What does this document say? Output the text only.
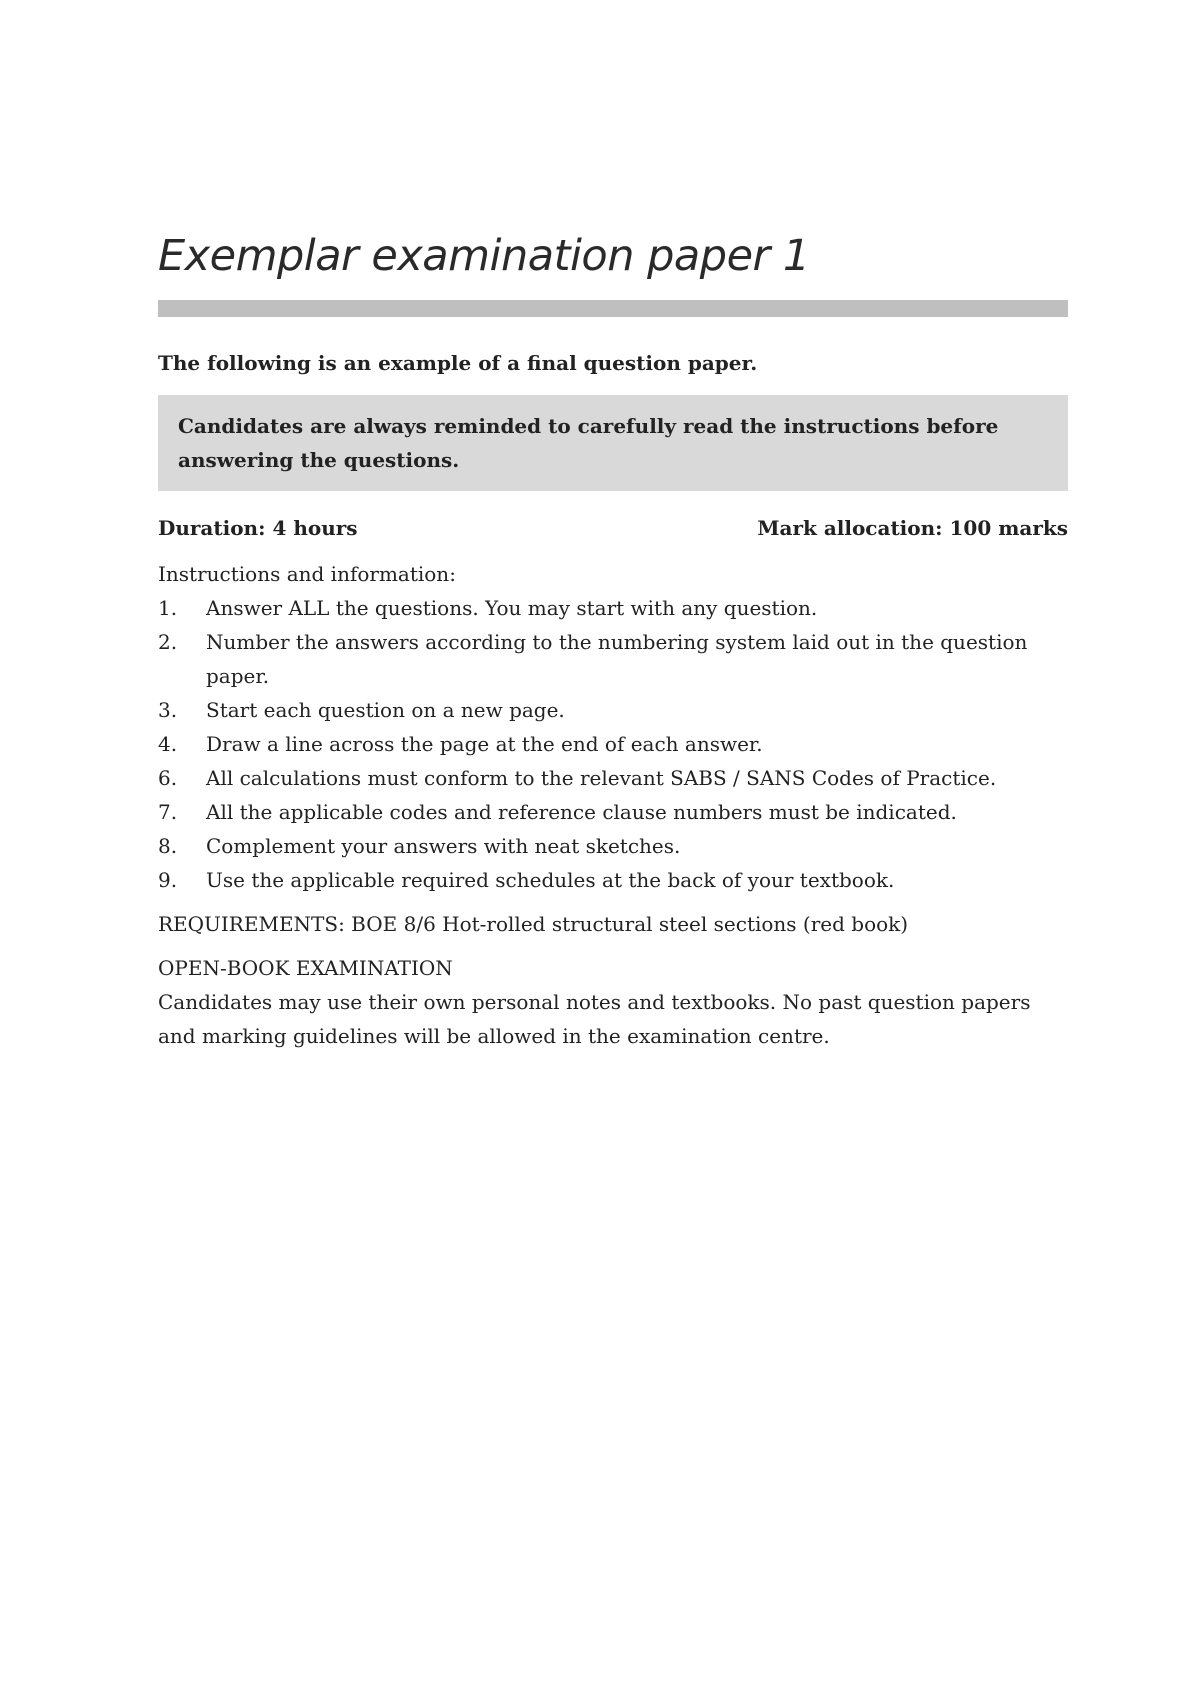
Exemplar examination paper 1
The following is an example of a final question paper.
Candidates are always reminded to carefully read the instructions before answering the questions.
Duration: 4 hours	Mark allocation: 100 marks
Instructions and information:
1.	Answer ALL the questions. You may start with any question.
2.	Number the answers according to the numbering system laid out in the question paper.
3.	Start each question on a new page.
4.	Draw a line across the page at the end of each answer.
6.	All calculations must conform to the relevant SABS / SANS Codes of Practice.
7.	All the applicable codes and reference clause numbers must be indicated.
8.	Complement your answers with neat sketches.
9.	Use the applicable required schedules at the back of your textbook.
REQUIREMENTS: BOE 8/6 Hot-rolled structural steel sections (red book)
OPEN-BOOK EXAMINATION
Candidates may use their own personal notes and textbooks. No past question papers and marking guidelines will be allowed in the examination centre.
